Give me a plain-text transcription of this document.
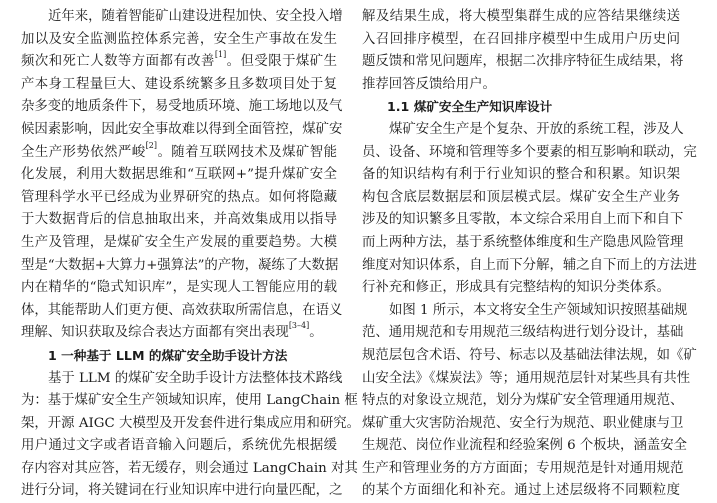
近年来，随着智能矿山建设进程加快、安全投入增
加以及安全监测监控体系完善，安全生产事故在发生
频次和死亡人数等方面都有改善[1]。但受限于煤矿生
产本身工程量巨大、建设系统繁多且多数项目处于复
杂多变的地质条件下，易受地质环境、施工场地以及气
候因素影响，因此安全事故难以得到全面管控，煤矿安
全生产形势依然严峻[2]。随着互联网技术及煤矿智能
化发展，利用大数据思维和“互联网+”提升煤矿安全
管理科学水平已经成为业界研究的热点。如何将隐藏
于大数据背后的信息抽取出来，并高效集成用以指导
生产及管理，是煤矿安全生产发展的重要趋势。大模
型是“大数据+大算力+强算法”的产物，凝练了大数据
内在精华的“隐式知识库”，是实现人工智能应用的载
体，其能帮助人们更方便、高效获取所需信息，在语义
理解、知识获取及综合表达方面都有突出表现[3–4]。
1 一种基于 LLM 的煤矿安全助手设计方法
基于 LLM 的煤矿安全助手设计方法整体技术路线
为：基于煤矿安全生产领域知识库，使用 LangChain 框
架，开源 AIGC 大模型及开发套件进行集成应用和研究。
用户通过文字或者语音输入问题后，系统优先根据缓
存内容对其应答，若无缓存，则会通过 LangChain 对其
进行分词，将关键词在行业知识库中进行向量匹配，之
解及结果生成，将大模型集群生成的应答结果继续送
入召回排序模型，在召回排序模型中生成用户历史问
题反馈和常见问题库，根据二次排序特征生成结果，将
推荐回答反馈给用户。
1.1 煤矿安全生产知识库设计
煤矿安全生产是个复杂、开放的系统工程，涉及人
员、设备、环境和管理等多个要素的相互影响和联动，完
备的知识结构有利于行业知识的整合和积累。知识架
构包含底层数据层和顶层模式层。煤矿安全生产业务
涉及的知识繁多且零散，本文综合采用自上而下和自下
而上两种方法，基于系统整体维度和生产隐患风险管理
维度对知识体系，自上而下分解，辅之自下而上的方法进
行补充和修正，形成具有完整结构的知识分类体系。
如图 1 所示，本文将安全生产领域知识按照基础规
范、通用规范和专用规范三级结构进行划分设计，基础
规范层包含术语、符号、标志以及基础法律法规，如《矿
山安全法》《煤炭法》等；通用规范层针对某些具有共性
特点的对象设立规范，划分为煤矿安全管理通用规范、
煤矿重大灾害防治规范、安全行为规范、职业健康与卫
生规范、岗位作业流程和经验案例 6 个板块，涵盖安全
生产和管理业务的方方面面；专用规范是针对通用规范
的某个方面细化和补充。通过上述层级将不同颗粒度
